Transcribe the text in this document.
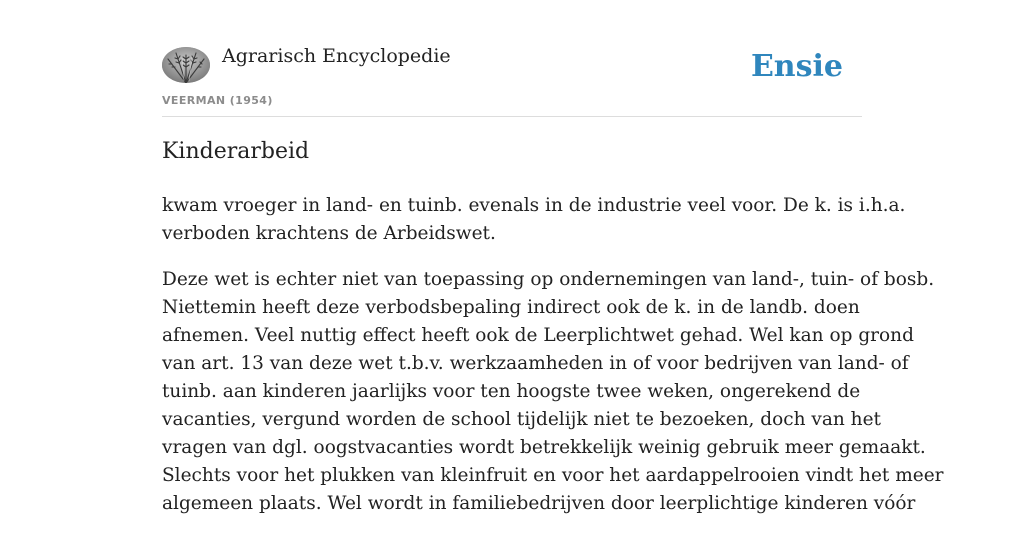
Agrarisch Encyclopedie
VEERMAN (1954)
Ensie
Kinderarbeid

kwam vroeger in land- en tuinb. evenals in de industrie veel voor. De k. is i.h.a.
verboden krachtens de Arbeidswet.

Deze wet is echter niet van toepassing op ondernemingen van land-, tuin- of bosb.
Niettemin heeft deze verbodsbepaling indirect ook de k. in de landb. doen
afnemen. Veel nuttig effect heeft ook de Leerplichtwet gehad. Wel kan op grond
van art. 13 van deze wet t.b.v. werkzaamheden in of voor bedrijven van land- of
tuinb. aan kinderen jaarlijks voor ten hoogste twee weken, ongerekend de
vacanties, vergund worden de school tijdelijk niet te bezoeken, doch van het
vragen van dgl. oogstvacanties wordt betrekkelijk weinig gebruik meer gemaakt.
Slechts voor het plukken van kleinfruit en voor het aardappelrooien vindt het meer
algemeen plaats. Wel wordt in familiebedrijven door leerplichtige kinderen vóór
